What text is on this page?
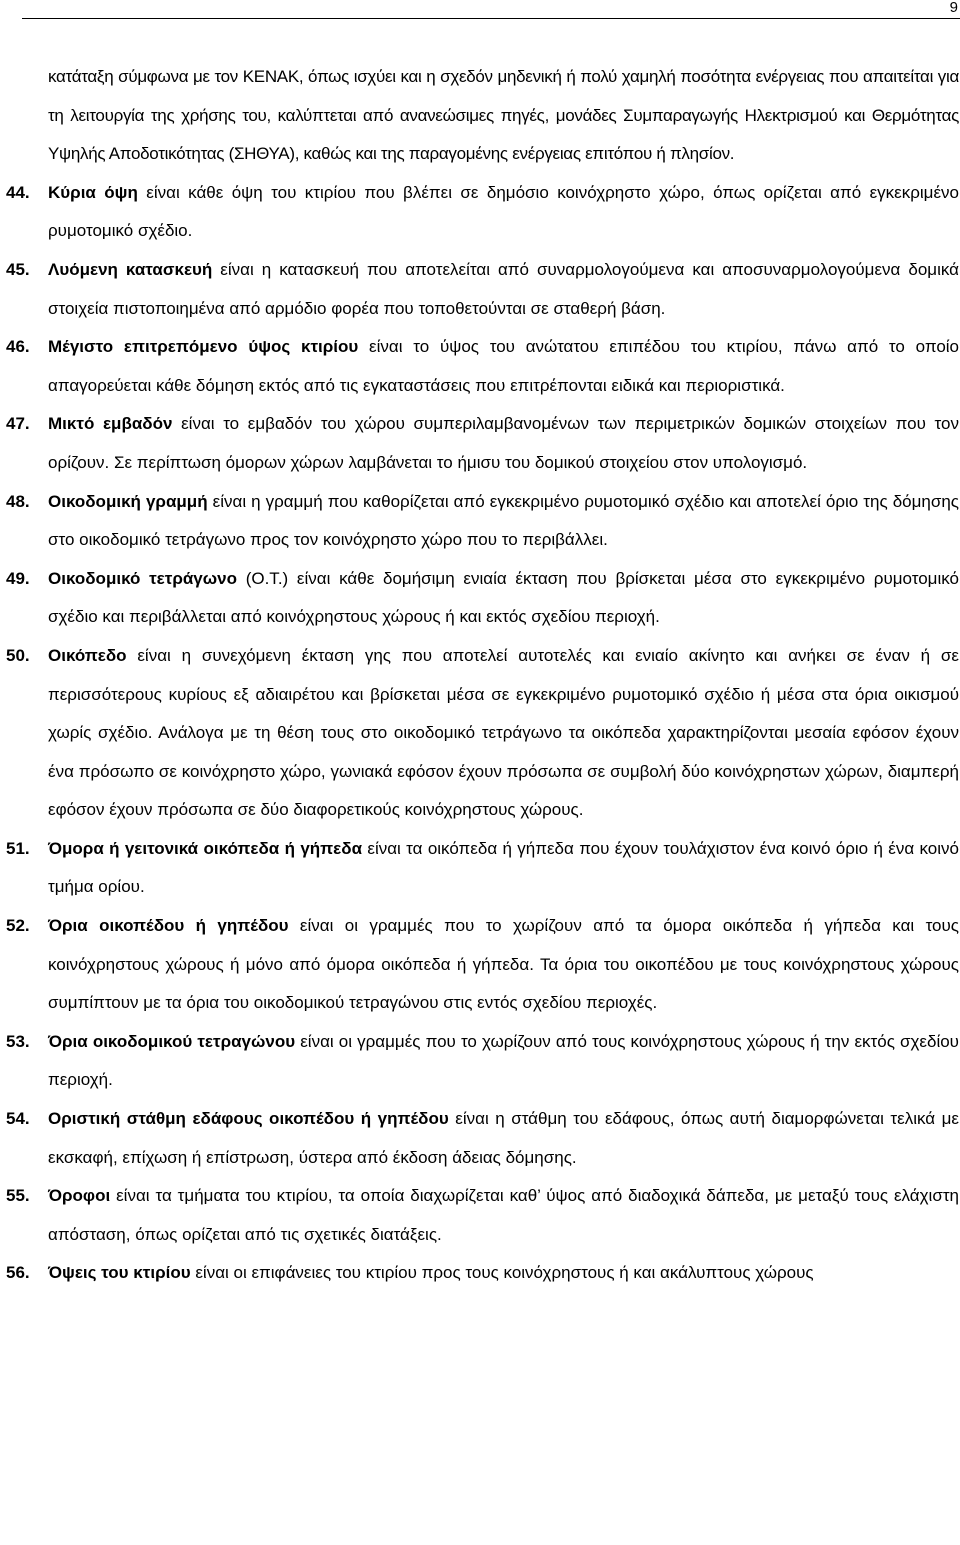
9

κατάταξη σύμφωνα με τον ΚΕΝΑΚ, όπως ισχύει και η σχεδόν μηδενική ή πολύ χαμηλή ποσότητα ενέργειας που απαιτείται για τη λειτουργία της χρήσης του, καλύπτεται από ανανεώσιμες πηγές, μονάδες Συμπαραγωγής Ηλεκτρισμού και Θερμότητας Υψηλής Αποδοτικότητας (ΣΗΘΥΑ), καθώς και της παραγομένης ενέργειας επιτόπου ή πλησίον.

44. Κύρια όψη είναι κάθε όψη του κτιρίου που βλέπει σε δημόσιο κοινόχρηστο χώρο, όπως ορίζεται από εγκεκριμένο ρυμοτομικό σχέδιο.

45. Λυόμενη κατασκευή είναι η κατασκευή που αποτελείται από συναρμολογούμενα και αποσυναρμολογούμενα δομικά στοιχεία πιστοποιημένα από αρμόδιο φορέα που τοποθετούνται σε σταθερή βάση.

46. Μέγιστο επιτρεπόμενο ύψος κτιρίου είναι το ύψος του ανώτατου επιπέδου του κτιρίου, πάνω από το οποίο απαγορεύεται κάθε δόμηση εκτός από τις εγκαταστάσεις που επιτρέπονται ειδικά και περιοριστικά.

47. Μικτό εμβαδόν είναι το εμβαδόν του χώρου συμπεριλαμβανομένων των περιμετρικών δομικών στοιχείων που τον ορίζουν. Σε περίπτωση όμορων χώρων λαμβάνεται το ήμισυ του δομικού στοιχείου στον υπολογισμό.

48. Οικοδομική γραμμή είναι η γραμμή που καθορίζεται από εγκεκριμένο ρυμοτομικό σχέδιο και αποτελεί όριο της δόμησης στο οικοδομικό τετράγωνο προς τον κοινόχρηστο χώρο που το περιβάλλει.

49. Οικοδομικό τετράγωνο (Ο.Τ.) είναι κάθε δομήσιμη ενιαία έκταση που βρίσκεται μέσα στο εγκεκριμένο ρυμοτομικό σχέδιο και περιβάλλεται από κοινόχρηστους χώρους ή και εκτός σχεδίου περιοχή.

50. Οικόπεδο είναι η συνεχόμενη έκταση γης που αποτελεί αυτοτελές και ενιαίο ακίνητο και ανήκει σε έναν ή σε περισσότερους κυρίους εξ αδιαιρέτου και βρίσκεται μέσα σε εγκεκριμένο ρυμοτομικό σχέδιο ή μέσα στα όρια οικισμού χωρίς σχέδιο. Ανάλογα με τη θέση τους στο οικοδομικό τετράγωνο τα οικόπεδα χαρακτηρίζονται μεσαία εφόσον έχουν ένα πρόσωπο σε κοινόχρηστο χώρο, γωνιακά εφόσον έχουν πρόσωπα σε συμβολή δύο κοινόχρηστων χώρων, διαμπερή εφόσον έχουν πρόσωπα σε δύο διαφορετικούς κοινόχρηστους χώρους.

51. Όμορα ή γειτονικά οικόπεδα ή γήπεδα είναι τα οικόπεδα ή γήπεδα που έχουν τουλάχιστον ένα κοινό όριο ή ένα κοινό τμήμα ορίου.

52. Όρια οικοπέδου ή γηπέδου είναι οι γραμμές που το χωρίζουν από τα όμορα οικόπεδα ή γήπεδα και τους κοινόχρηστους χώρους ή μόνο από όμορα οικόπεδα ή γήπεδα. Τα όρια του οικοπέδου με τους κοινόχρηστους χώρους συμπίπτουν με τα όρια του οικοδομικού τετραγώνου στις εντός σχεδίου περιοχές.

53. Όρια οικοδομικού τετραγώνου είναι οι γραμμές που το χωρίζουν από τους κοινόχρηστους χώρους ή την εκτός σχεδίου περιοχή.

54. Οριστική στάθμη εδάφους οικοπέδου ή γηπέδου είναι η στάθμη του εδάφους, όπως αυτή διαμορφώνεται τελικά με εκσκαφή, επίχωση ή επίστρωση, ύστερα από έκδοση άδειας δόμησης.

55. Όροφοι είναι τα τμήματα του κτιρίου, τα οποία διαχωρίζεται καθ’ ύψος από διαδοχικά δάπεδα, με μεταξύ τους ελάχιστη απόσταση, όπως ορίζεται από τις σχετικές διατάξεις.

56. Όψεις του κτιρίου είναι οι επιφάνειες του κτιρίου προς τους κοινόχρηστους ή και ακάλυπτους χώρους
